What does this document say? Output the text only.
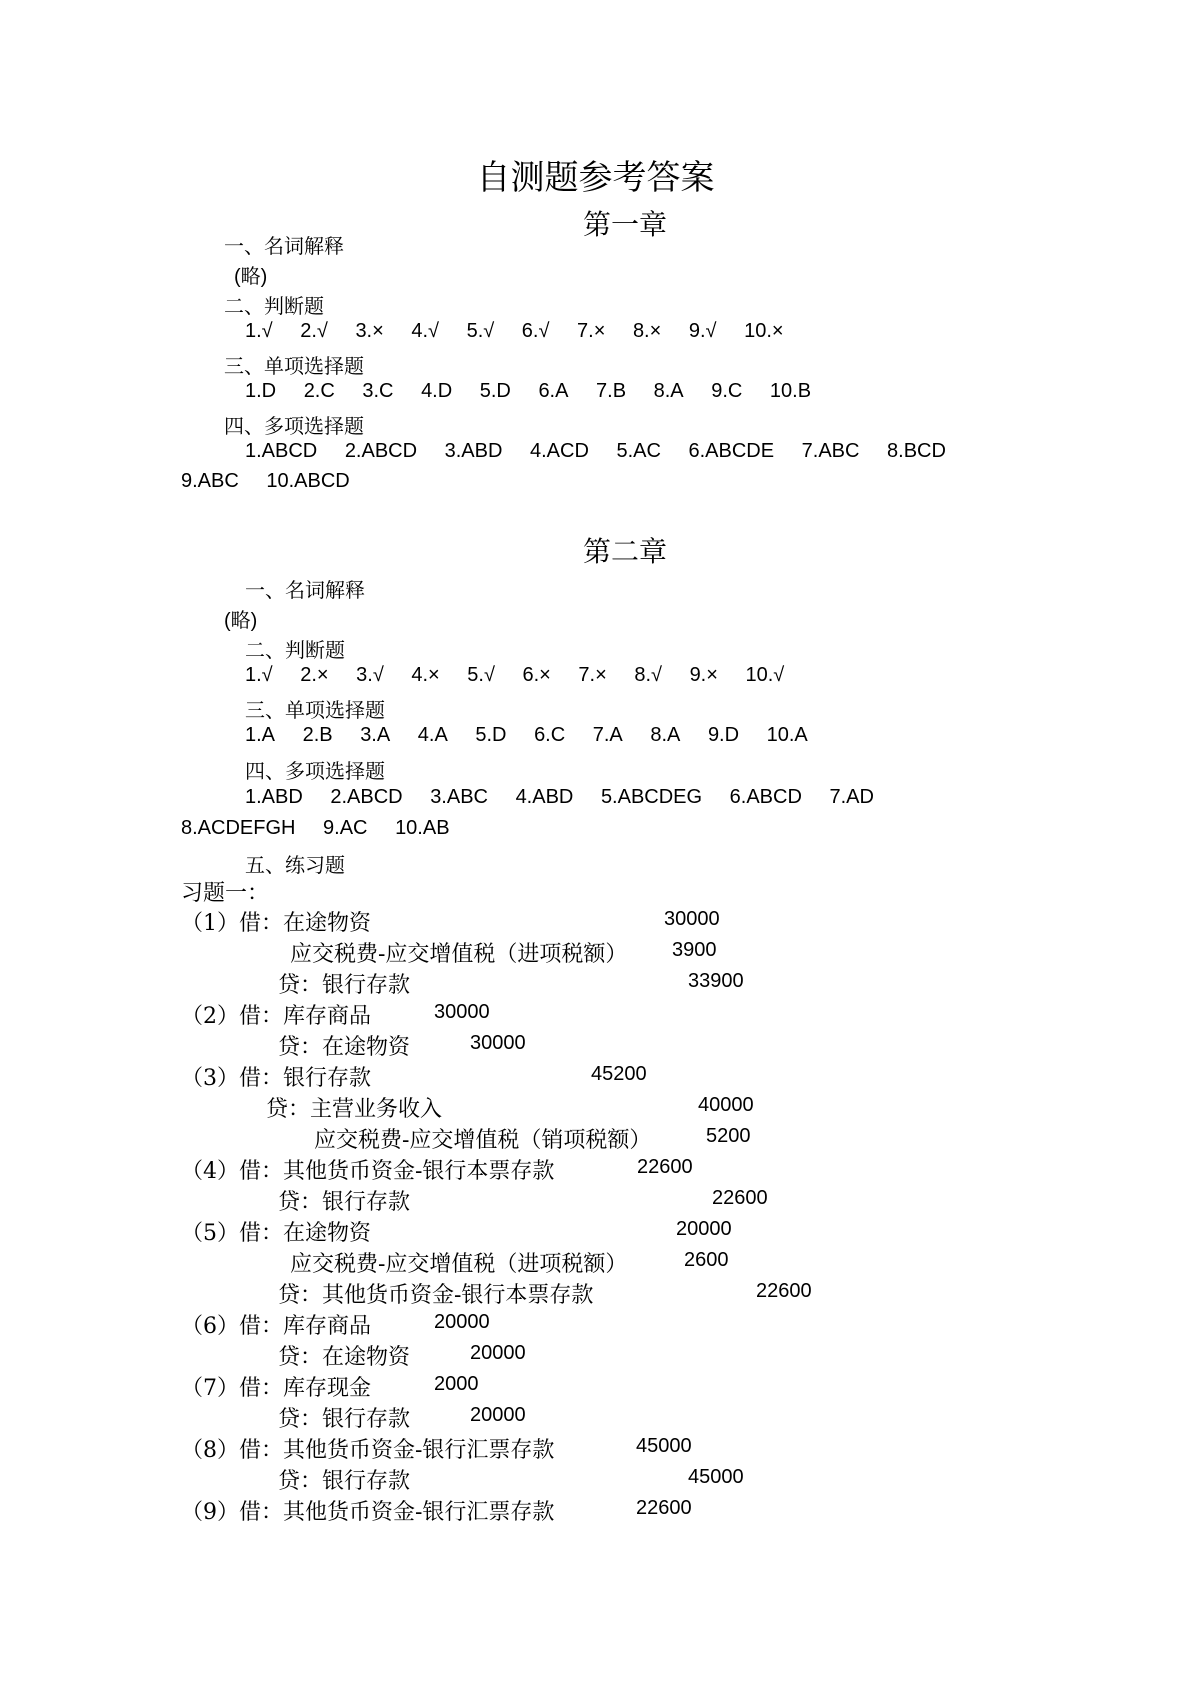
自测题参考答案
第一章
一、名词解释
(略)
二、判断题
1.√ 2.√ 3.× 4.√ 5.√ 6.√ 7.× 8.× 9.√ 10.×
三、单项选择题
1.D 2.C 3.C 4.D 5.D 6.A 7.B 8.A 9.C 10.B
四、多项选择题
1.ABCD 2.ABCD 3.ABD 4.ACD 5.AC 6.ABCDE 7.ABC 8.BCD
9.ABC 10.ABCD
第二章
一、名词解释
(略)
二、判断题
1.√ 2.× 3.√ 4.× 5.√ 6.× 7.× 8.√ 9.× 10.√
三、单项选择题
1.A 2.B 3.A 4.A 5.D 6.C 7.A 8.A 9.D 10.A
四、多项选择题
1.ABD 2.ABCD 3.ABC 4.ABD 5.ABCDEG 6.ABCD 7.AD
8.ACDEFGH 9.AC 10.AB
五、练习题
习题一：
（1）借：在途物资	30000
应交税费-应交增值税（进项税额） 3900
贷：银行存款	33900
（2）借：库存商品	30000
贷：在途物资	30000
（3）借：银行存款	45200
贷：主营业务收入	40000
应交税费-应交增值税（销项税额）	5200
（4）借：其他货币资金-银行本票存款	22600
贷：银行存款	22600
（5）借：在途物资	20000
应交税费-应交增值税（进项税额）	2600
贷：其他货币资金-银行本票存款	22600
（6）借：库存商品	20000
贷：在途物资	20000
（7）借：库存现金	2000
贷：银行存款	20000
（8）借：其他货币资金-银行汇票存款	45000
贷：银行存款	45000
（9）借：其他货币资金-银行汇票存款	22600
